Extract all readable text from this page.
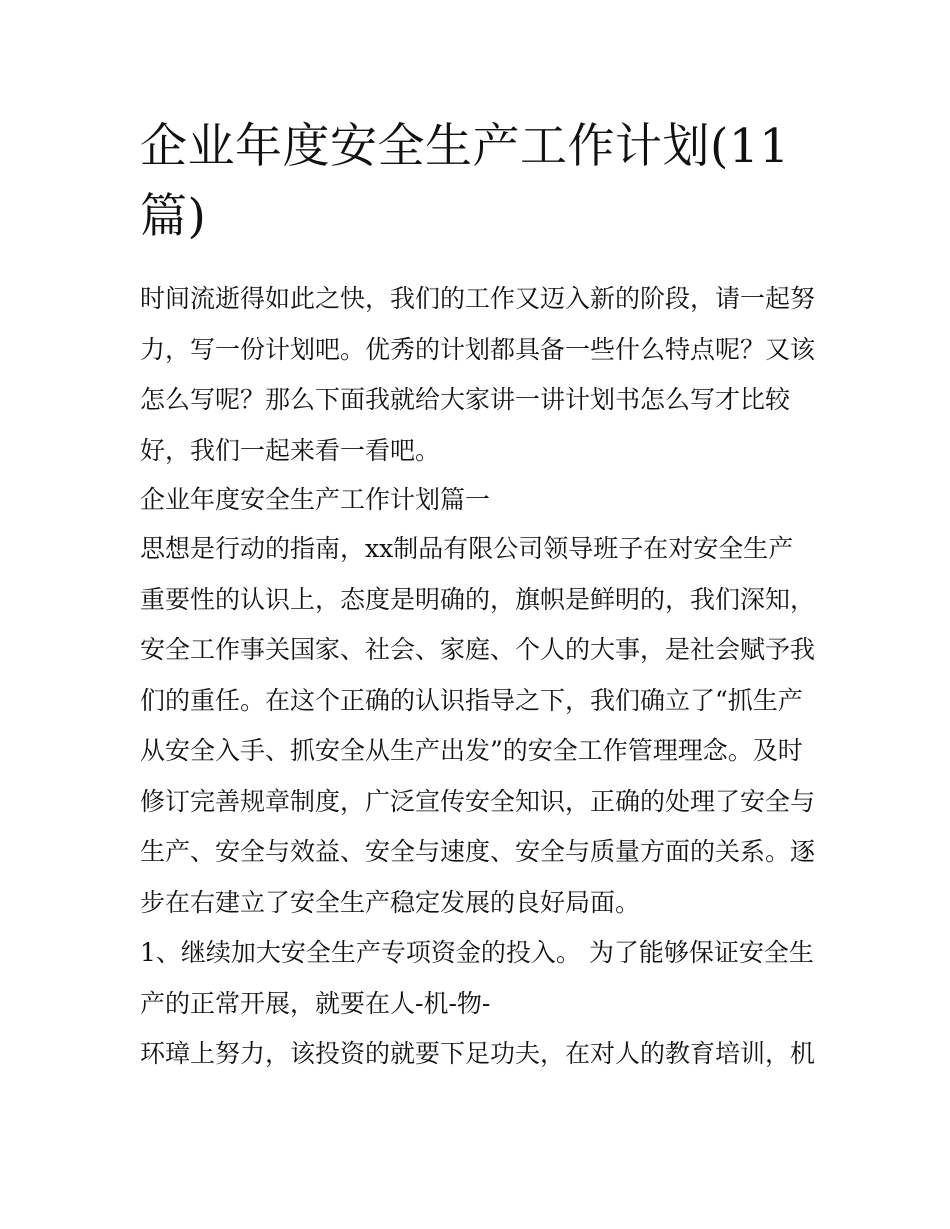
企业年度安全生产工作计划(11
篇)
时间流逝得如此之快，我们的工作又迈入新的阶段，请一起努
力，写一份计划吧。优秀的计划都具备一些什么特点呢？又该
怎么写呢？那么下面我就给大家讲一讲计划书怎么写才比较
好，我们一起来看一看吧。
企业年度安全生产工作计划篇一
思想是行动的指南，xx制品有限公司领导班子在对安全生产
重要性的认识上，态度是明确的，旗帜是鲜明的，我们深知，
安全工作事关国家、社会、家庭、个人的大事，是社会赋予我
们的重任。在这个正确的认识指导之下，我们确立了“抓生产
从安全入手、抓安全从生产出发”的安全工作管理理念。及时
修订完善规章制度，广泛宣传安全知识，正确的处理了安全与
生产、安全与效益、安全与速度、安全与质量方面的关系。逐
步在右建立了安全生产稳定发展的良好局面。
1、继续加大安全生产专项资金的投入。 为了能够保证安全生
产的正常开展，就要在人-机-物-
环璋上努力，该投资的就要下足功夫，在对人的教育培训，机
